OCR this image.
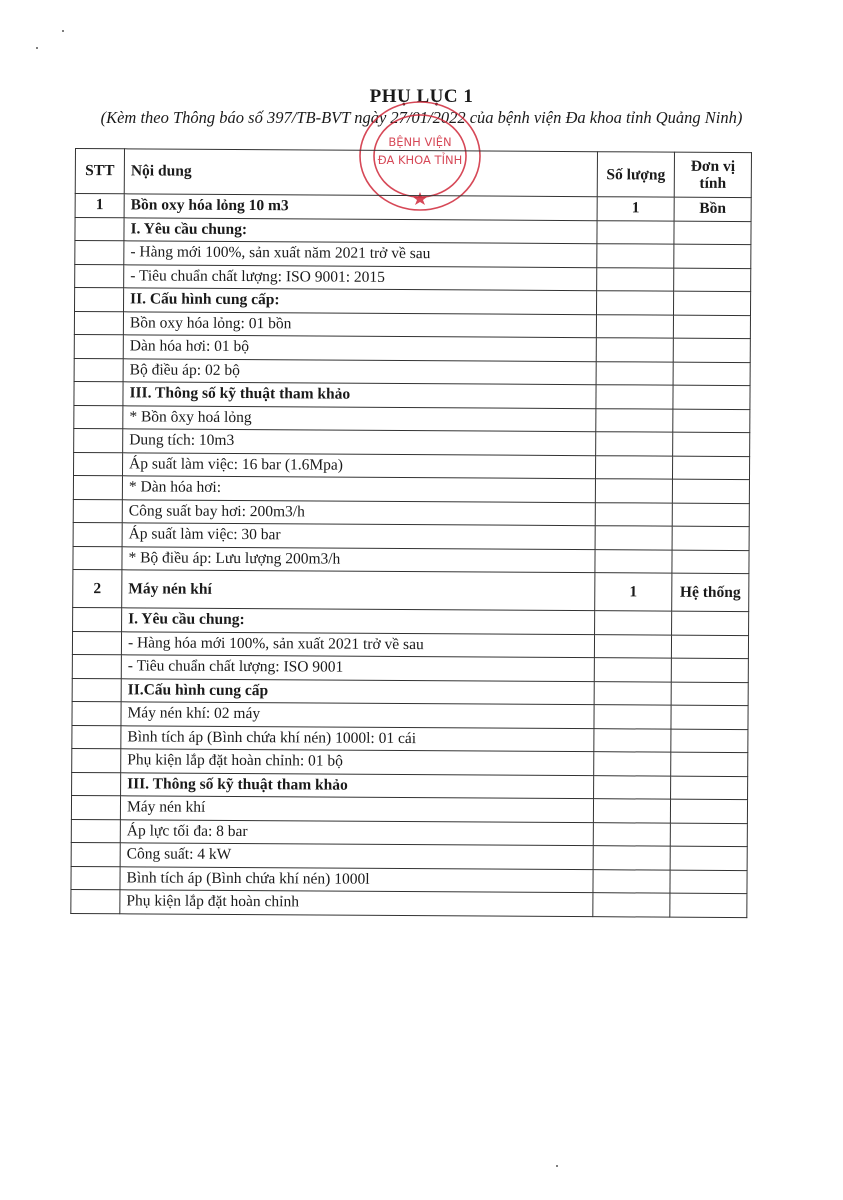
PHỤ LỤC 1
(Kèm theo Thông báo số 397/TB-BVT ngày 27/01/2022 của bệnh viện Đa khoa tỉnh Quảng Ninh)
BỆNH VIỆN
ĐA KHOA TỈNH
STT	Nội dung	Số lượng	Đơn vị tính
1	Bồn oxy hóa lỏng 10 m3	1	Bồn
	I. Yêu cầu chung:		
	- Hàng mới 100%, sản xuất năm 2021 trở về sau		
	- Tiêu chuẩn chất lượng: ISO 9001: 2015		
	II. Cấu hình cung cấp:		
	Bồn oxy hóa lỏng: 01 bồn		
	Dàn hóa hơi: 01 bộ		
	Bộ điều áp: 02 bộ		
	III. Thông số kỹ thuật tham khảo		
	* Bồn ôxy hoá lỏng		
	Dung tích: 10m3		
	Áp suất làm việc: 16 bar (1.6Mpa)		
	* Dàn hóa hơi:		
	Công suất bay hơi: 200m3/h		
	Áp suất làm việc: 30 bar		
	* Bộ điều áp: Lưu lượng 200m3/h		
2	Máy nén khí	1	Hệ thống
	I. Yêu cầu chung:		
	- Hàng hóa mới 100%, sản xuất 2021 trở về sau		
	- Tiêu chuẩn chất lượng: ISO 9001		
	II.Cấu hình cung cấp		
	Máy nén khí: 02 máy		
	Bình tích áp (Bình chứa khí nén) 1000l: 01 cái		
	Phụ kiện lắp đặt hoàn chỉnh: 01 bộ		
	III. Thông số kỹ thuật tham khảo		
	Máy nén khí		
	Áp lực tối đa: 8 bar		
	Công suất: 4 kW		
	Bình tích áp (Bình chứa khí nén) 1000l		
	Phụ kiện lắp đặt hoàn chỉnh		
